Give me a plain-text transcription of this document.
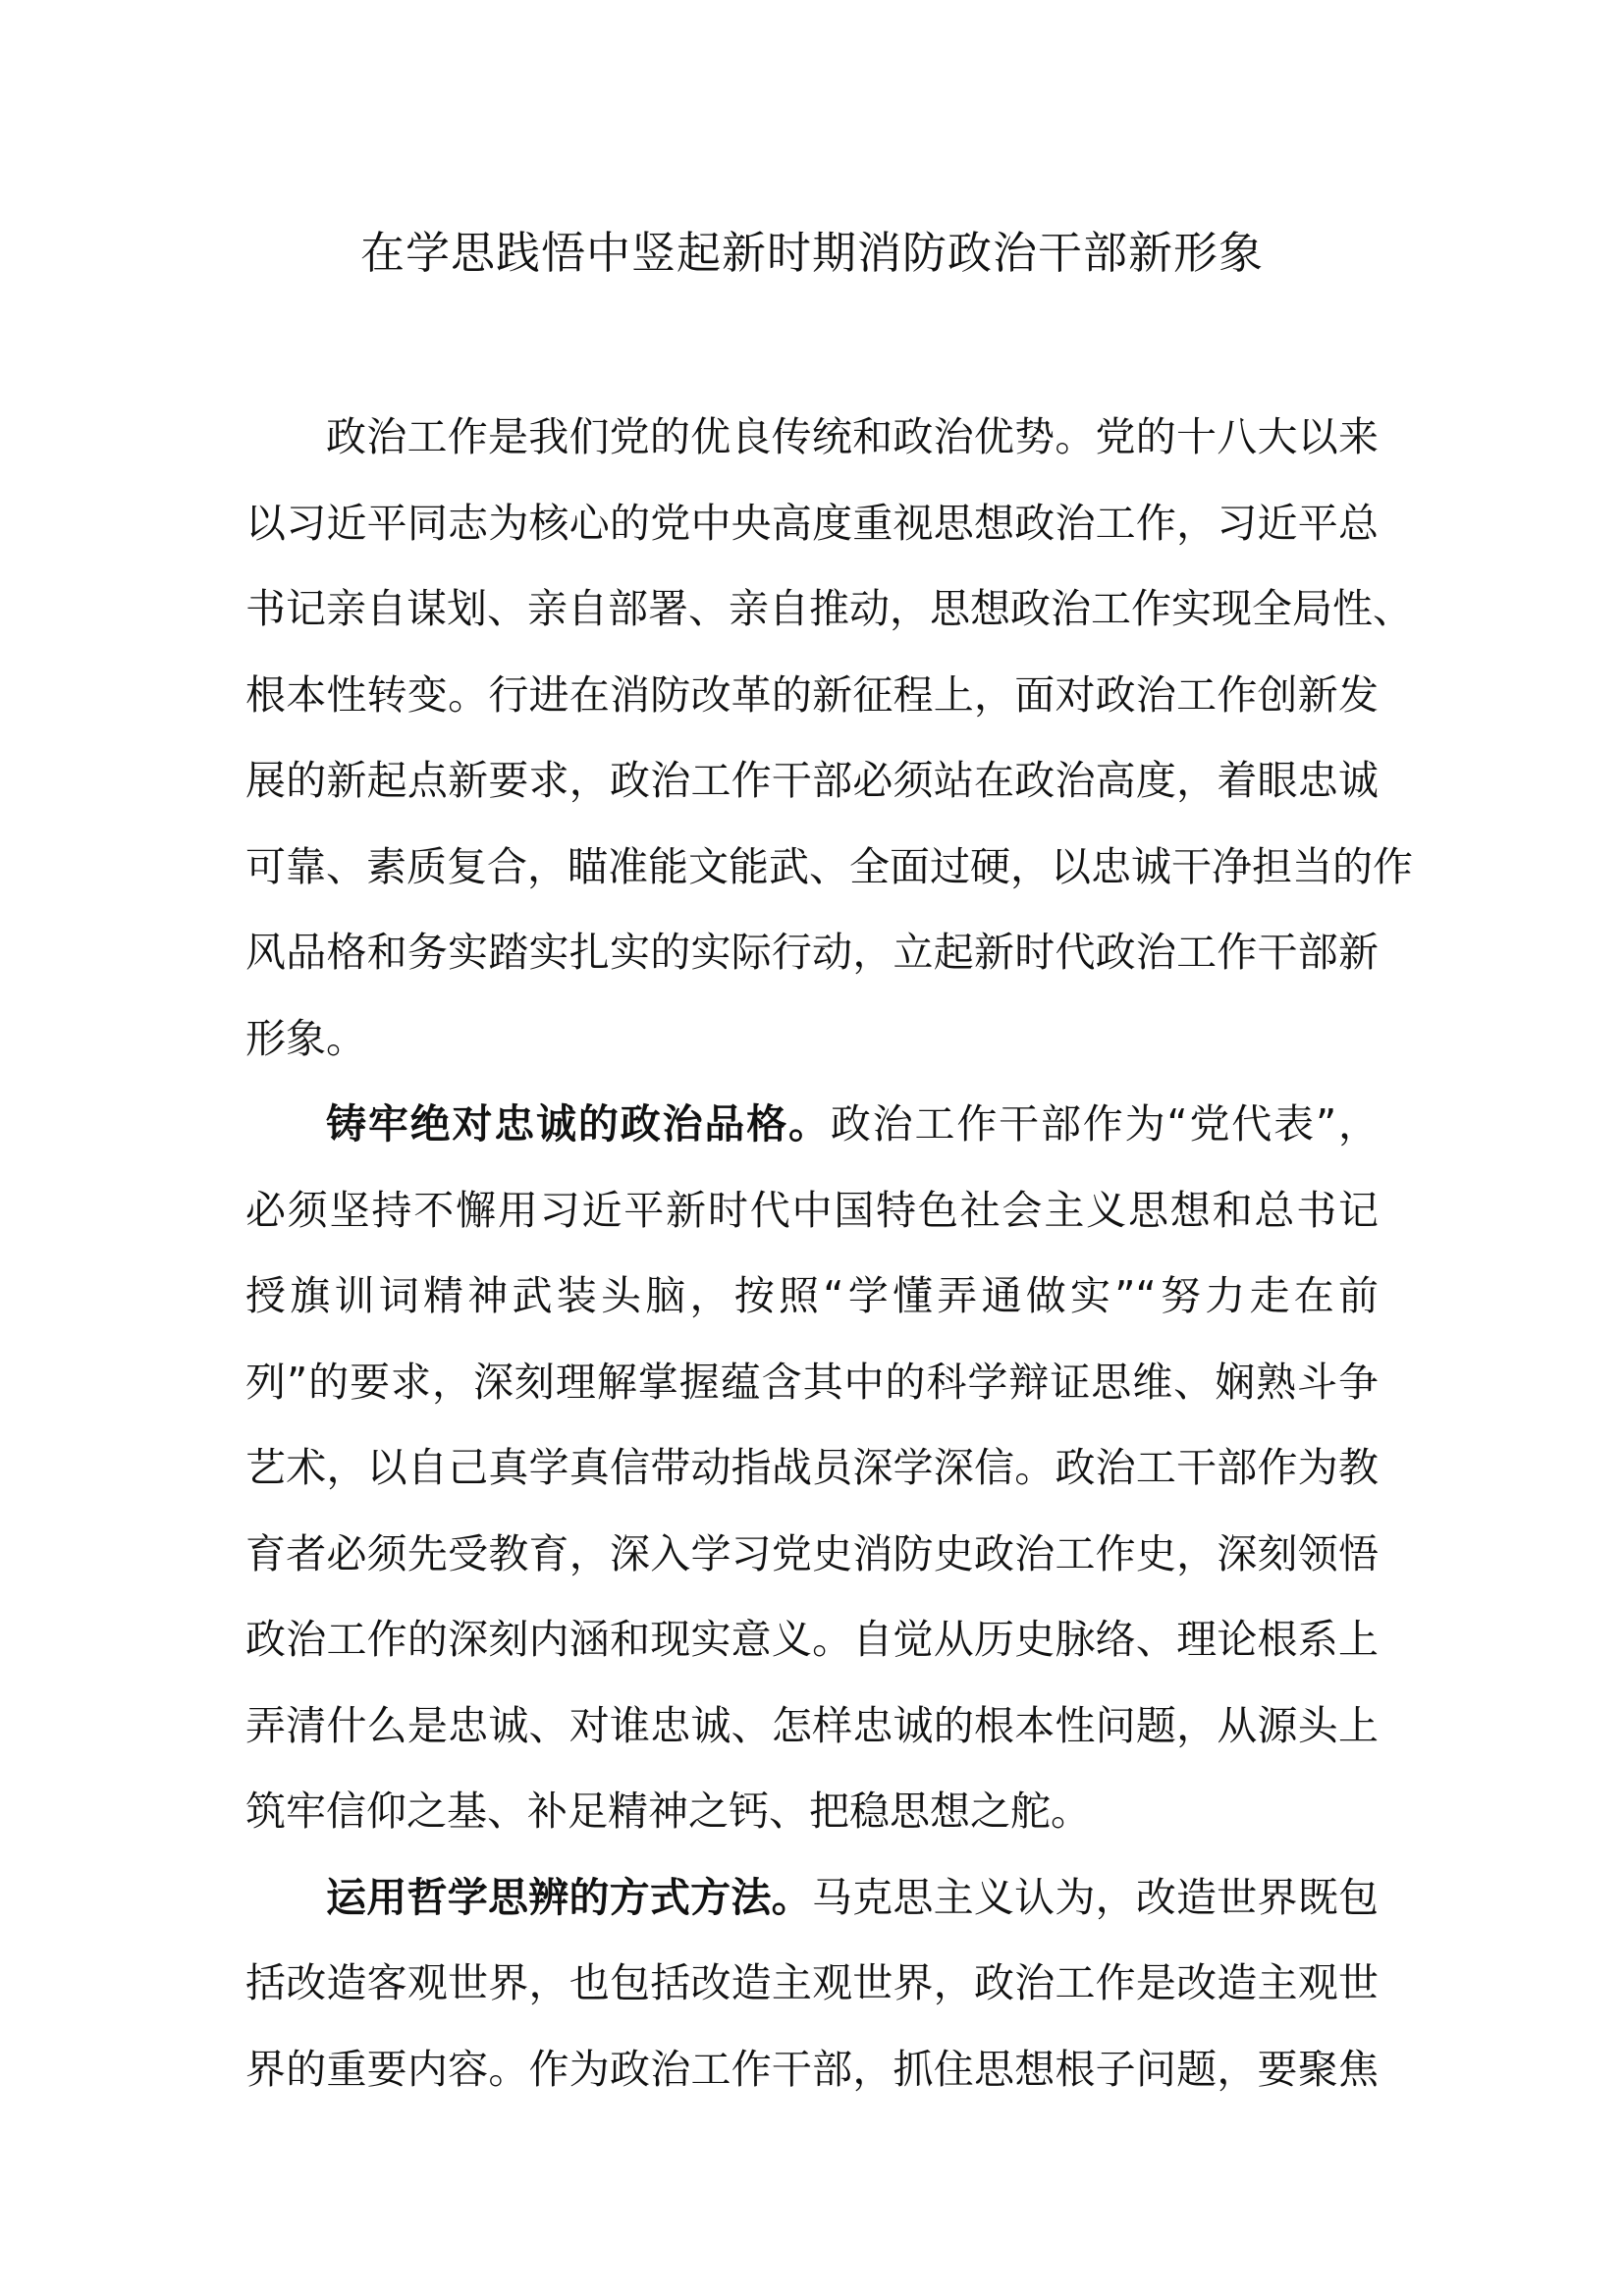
在学思践悟中竖起新时期消防政治干部新形象
政治工作是我们党的优良传统和政治优势。党的十八大以来
以习近平同志为核心的党中央高度重视思想政治工作，习近平总
书记亲自谋划、亲自部署、亲自推动，思想政治工作实现全局性、
根本性转变。行进在消防改革的新征程上，面对政治工作创新发
展的新起点新要求，政治工作干部必须站在政治高度，着眼忠诚
可靠、素质复合，瞄准能文能武、全面过硬，以忠诚干净担当的作
风品格和务实踏实扎实的实际行动，立起新时代政治工作干部新
形象。
铸牢绝对忠诚的政治品格。政治工作干部作为“党代表”，
必须坚持不懈用习近平新时代中国特色社会主义思想和总书记
授旗训词精神武装头脑，按照“学懂弄通做实”“努力走在前
列”的要求，深刻理解掌握蕴含其中的科学辩证思维、娴熟斗争
艺术，以自己真学真信带动指战员深学深信。政治工干部作为教
育者必须先受教育，深入学习党史消防史政治工作史，深刻领悟
政治工作的深刻内涵和现实意义。自觉从历史脉络、理论根系上
弄清什么是忠诚、对谁忠诚、怎样忠诚的根本性问题，从源头上
筑牢信仰之基、补足精神之钙、把稳思想之舵。
运用哲学思辨的方式方法。马克思主义认为，改造世界既包
括改造客观世界，也包括改造主观世界，政治工作是改造主观世
界的重要内容。作为政治工作干部，抓住思想根子问题，要聚焦
